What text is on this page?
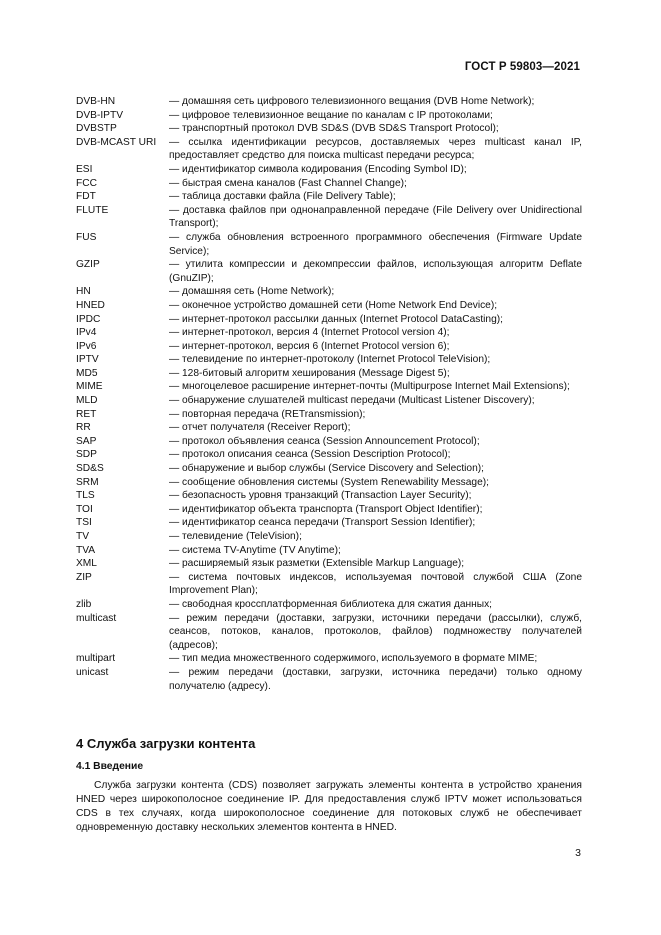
ГОСТ Р 59803—2021
DVB-HN	— домашняя сеть цифрового телевизионного вещания (DVB Home Network);
DVB-IPTV	— цифровое телевизионное вещание по каналам с IP протоколами;
DVBSTP	— транспортный протокол DVB SD&S (DVB SD&S Transport Protocol);
DVB-MCAST URI	— ссылка идентификации ресурсов, доставляемых через multicast канал IP, предоставляет средство для поиска multicast передачи ресурса;
ESI	— идентификатор символа кодирования (Encoding Symbol ID);
FCC	— быстрая смена каналов (Fast Channel Change);
FDT	— таблица доставки файла (File Delivery Table);
FLUTE	— доставка файлов при однонаправленной передаче (File Delivery over Unidirectional Transport);
FUS	— служба обновления встроенного программного обеспечения (Firmware Update Service);
GZIP	— утилита компрессии и декомпрессии файлов, использующая алгоритм Deflate (GnuZIP);
HN	— домашняя сеть (Home Network);
HNED	— оконечное устройство домашней сети (Home Network End Device);
IPDC	— интернет-протокол рассылки данных (Internet Protocol DataCasting);
IPv4	— интернет-протокол, версия 4 (Internet Protocol version 4);
IPv6	— интернет-протокол, версия 6 (Internet Protocol version 6);
IPTV	— телевидение по интернет-протоколу (Internet Protocol TeleVision);
MD5	— 128-битовый алгоритм хеширования (Message Digest 5);
MIME	— многоцелевое расширение интернет-почты (Multipurpose Internet Mail Extensions);
MLD	— обнаружение слушателей multicast передачи (Multicast Listener Discovery);
RET	— повторная передача (RETransmission);
RR	— отчет получателя (Receiver Report);
SAP	— протокол объявления сеанса (Session Announcement Protocol);
SDP	— протокол описания сеанса (Session Description Protocol);
SD&S	— обнаружение и выбор службы (Service Discovery and Selection);
SRM	— сообщение обновления системы (System Renewability Message);
TLS	— безопасность уровня транзакций (Transaction Layer Security);
TOI	— идентификатор объекта транспорта (Transport Object Identifier);
TSI	— идентификатор сеанса передачи (Transport Session Identifier);
TV	— телевидение (TeleVision);
TVA	— система TV-Anytime (TV Anytime);
XML	— расширяемый язык разметки (Extensible Markup Language);
ZIP	— система почтовых индексов, используемая почтовой службой США (Zone Improvement Plan);
zlib	— свободная кроссплатформенная библиотека для сжатия данных;
multicast	— режим передачи (доставки, загрузки, источники передачи (рассылки), служб, сеансов, потоков, каналов, протоколов, файлов) подмножеству получателей (адресов);
multipart	— тип медиа множественного содержимого, используемого в формате MIME;
unicast	— режим передачи (доставки, загрузки, источника передачи) только одному получателю (адресу).
4 Служба загрузки контента
4.1 Введение
Служба загрузки контента (CDS) позволяет загружать элементы контента в устройство хранения HNED через широкополосное соединение IP. Для предоставления служб IPTV может использоваться CDS в тех случаях, когда широкополосное соединение для потоковых служб не обеспечивает одновременную доставку нескольких элементов контента в HNED.
3
